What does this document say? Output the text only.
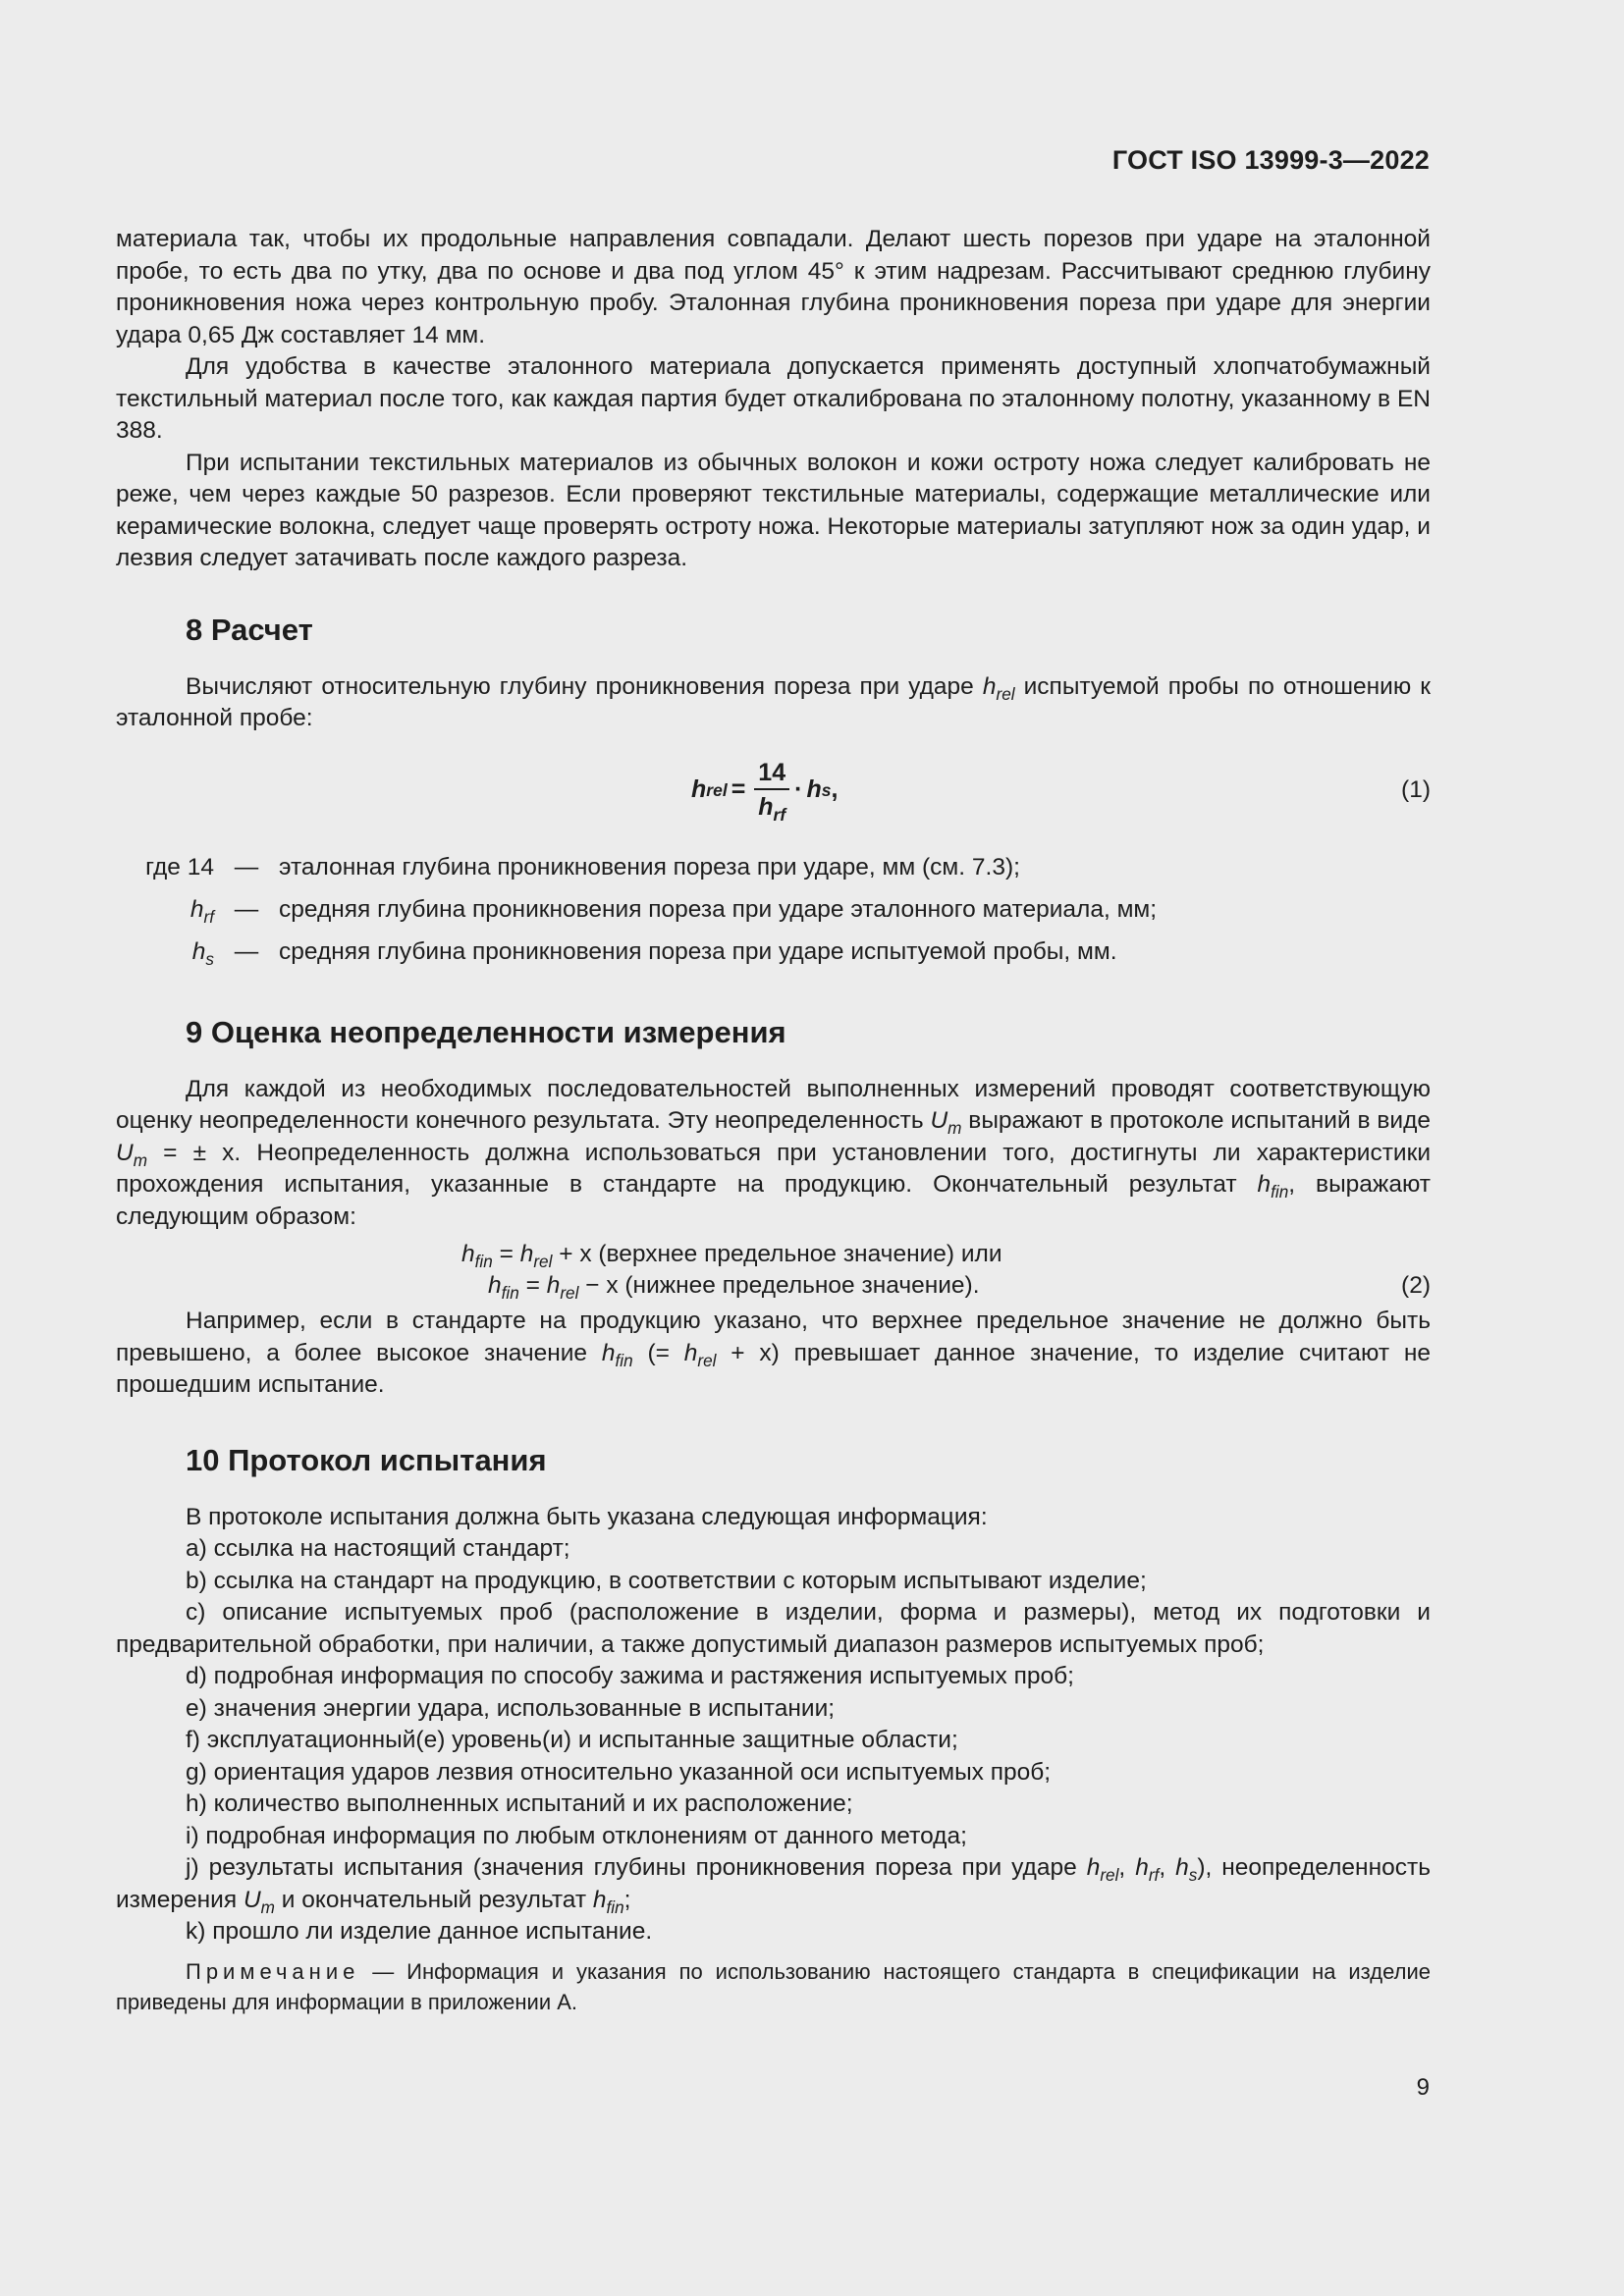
ГОСТ ISO 13999-3—2022

материала так, чтобы их продольные направления совпадали. Делают шесть порезов при ударе на эталонной пробе, то есть два по утку, два по основе и два под углом 45° к этим надрезам. Рассчитывают среднюю глубину проникновения ножа через контрольную пробу. Эталонная глубина проникновения пореза при ударе для энергии удара 0,65 Дж составляет 14 мм.

Для удобства в качестве эталонного материала допускается применять доступный хлопчатобумажный текстильный материал после того, как каждая партия будет откалибрована по эталонному полотну, указанному в EN 388.

При испытании текстильных материалов из обычных волокон и кожи остроту ножа следует калибровать не реже, чем через каждые 50 разрезов. Если проверяют текстильные материалы, содержащие металлические или керамические волокна, следует чаще проверять остроту ножа. Некоторые материалы затупляют нож за один удар, и лезвия следует затачивать после каждого разреза.

8 Расчет

Вычисляют относительную глубину проникновения пореза при ударе $h_{rel}$ испытуемой пробы по отношению к эталонной пробе:

h rel = $\frac{14}{h_{rf}} \cdot h$ s ,	(1)
где 14 — эталонная глубина проникновения пореза при ударе, мм (см. 7.3);
$h_{rf}$ — средняя глубина проникновения пореза при ударе эталонного материала, мм;
$h_s$ — средняя глубина проникновения пореза при ударе испытуемой пробы, мм.
9 Оценка неопределенности измерения

Для каждой из необходимых последовательностей выполненных измерений проводят соответствующую оценку неопределенности конечного результата. Эту неопределенность $U_m$ выражают в протоколе испытаний в виде $U_m$ = ± x. Неопределенность должна использоваться при установлении того, достигнуты ли характеристики прохождения испытания, указанные в стандарте на продукцию. Окончательный результат $h_{fin}$, выражают следующим образом:

$h_{fin} = h_{rel} + x$ (верхнее предельное значение) или
$h_{fin} = h_{rel} - x$ (нижнее предельное значение).	(2)

Например, если в стандарте на продукцию указано, что верхнее предельное значение не должно быть превышено, а более высокое значение $h_{fin}$ (= $h_{rel} + x$) превышает данное значение, то изделие считают не прошедшим испытание.

10 Протокол испытания

В протоколе испытания должна быть указана следующая информация:

а) ссылка на настоящий стандарт;

b) ссылка на стандарт на продукцию, в соответствии с которым испытывают изделие;

c) описание испытуемых проб (расположение в изделии, форма и размеры), метод их подготовки и предварительной обработки, при наличии, а также допустимый диапазон размеров испытуемых проб;

d) подробная информация по способу зажима и растяжения испытуемых проб;

e) значения энергии удара, использованные в испытании;

f) эксплуатационный(е) уровень(и) и испытанные защитные области;

g) ориентация ударов лезвия относительно указанной оси испытуемых проб;

h) количество выполненных испытаний и их расположение;

i) подробная информация по любым отклонениям от данного метода;

j) результаты испытания (значения глубины проникновения пореза при ударе $h_{rel}$, $h_{rf}$, $h_s$), неопределенность измерения $U_m$ и окончательный результат $h_{fin}$;

k) прошло ли изделие данное испытание.

Примечание — Информация и указания по использованию настоящего стандарта в спецификации на изделие приведены для информации в приложении А.

9
